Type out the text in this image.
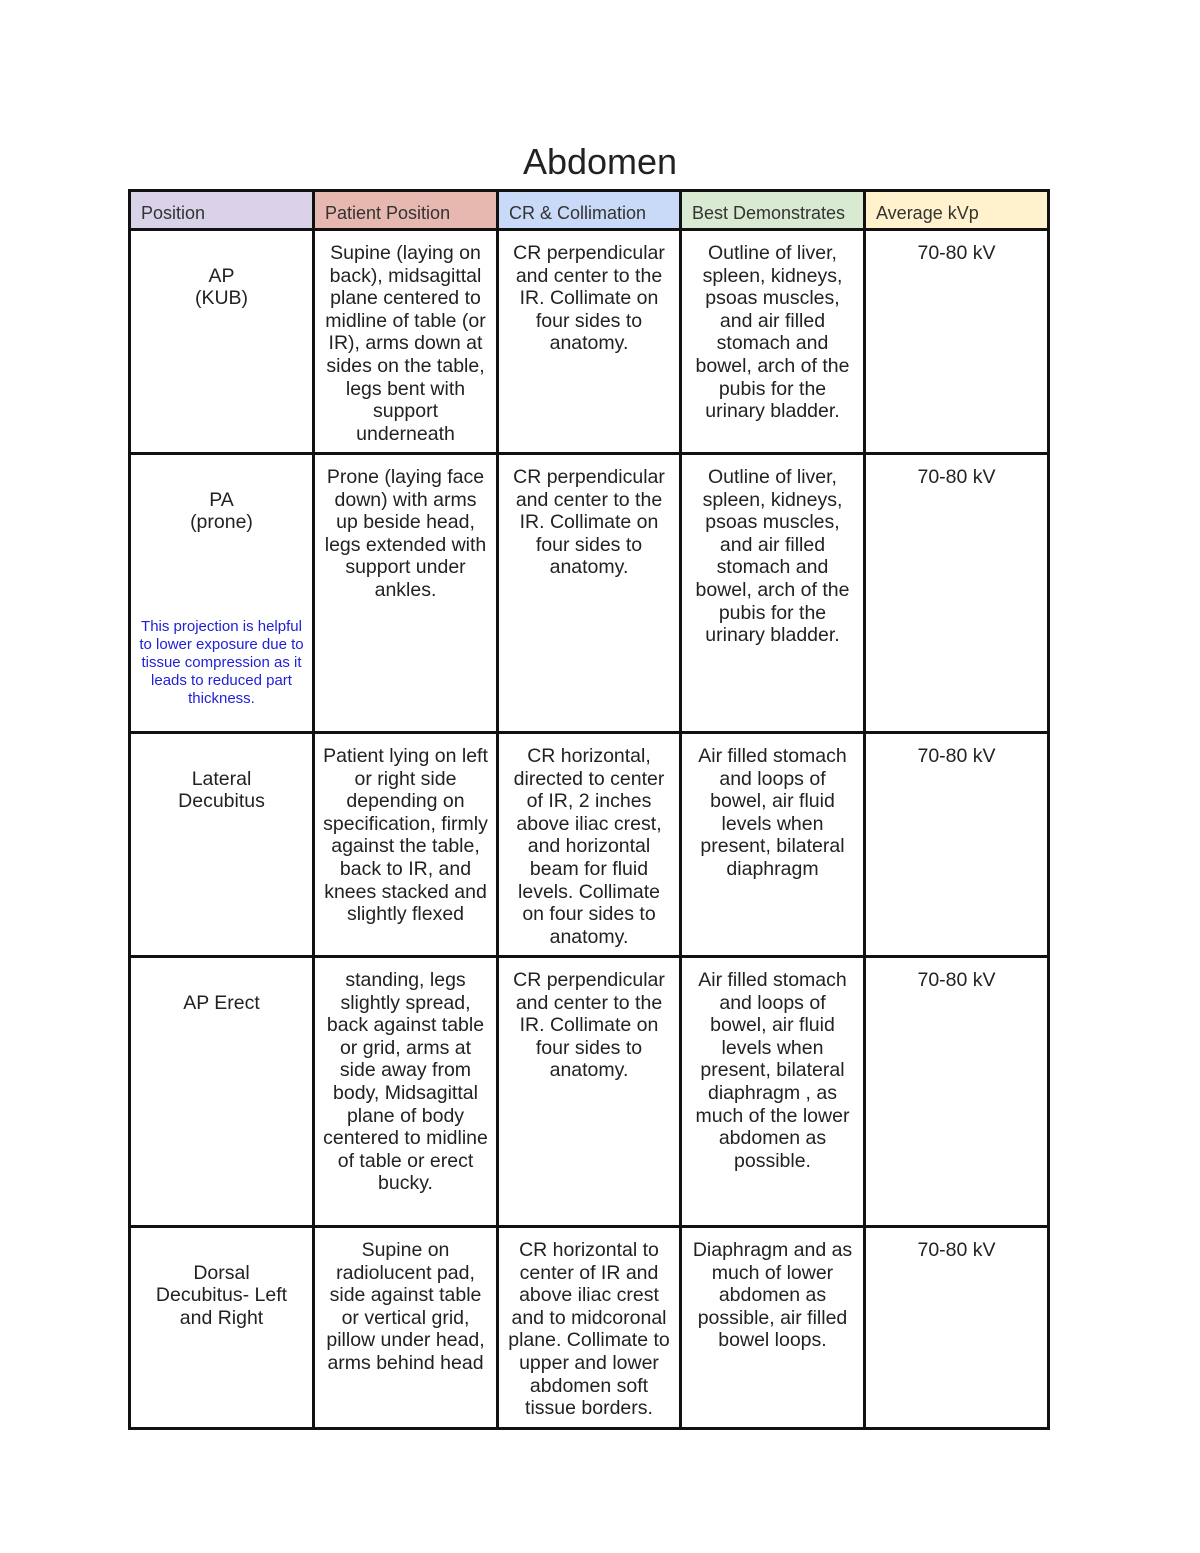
Abdomen
Position	Patient Position	CR & Collimation	Best Demonstrates	Average kVp

AP
(KUB)	Supine (laying on back), midsagittal plane centered to midline of table (or IR), arms down at sides on the table, legs bent with support underneath	CR perpendicular and center to the IR. Collimate on four sides to anatomy.	Outline of liver, spleen, kidneys, psoas muscles, and air filled stomach and bowel, arch of the pubis for the urinary bladder.	70-80 kV

PA
(prone)

This projection is helpful to lower exposure due to tissue compression as it leads to reduced part thickness.	Prone (laying face down) with arms up beside head, legs extended with support under ankles.	CR perpendicular and center to the IR. Collimate on four sides to anatomy.	Outline of liver, spleen, kidneys, psoas muscles, and air filled stomach and bowel, arch of the pubis for the urinary bladder.	70-80 kV

Lateral
Decubitus	Patient lying on left or right side depending on specification, firmly against the table, back to IR, and knees stacked and slightly flexed	CR horizontal, directed to center of IR, 2 inches above iliac crest, and horizontal beam for fluid levels. Collimate on four sides to anatomy.	Air filled stomach and loops of bowel, air fluid levels when present, bilateral diaphragm	70-80 kV

AP Erect	standing, legs slightly spread, back against table or grid, arms at side away from body, Midsagittal plane of body centered to midline of table or erect
bucky.	CR perpendicular and center to the IR. Collimate on four sides to anatomy.	Air filled stomach and loops of bowel, air fluid levels when present, bilateral diaphragm , as much of the lower abdomen as possible.	70-80 kV

Dorsal
Decubitus- Left
and Right	Supine on radiolucent pad, side against table or vertical grid, pillow under head, arms behind head	CR horizontal to center of IR and above iliac crest and to midcoronal plane. Collimate to upper and lower abdomen soft tissue borders.	Diaphragm and as much of lower abdomen as possible, air filled bowel loops.	70-80 kV
